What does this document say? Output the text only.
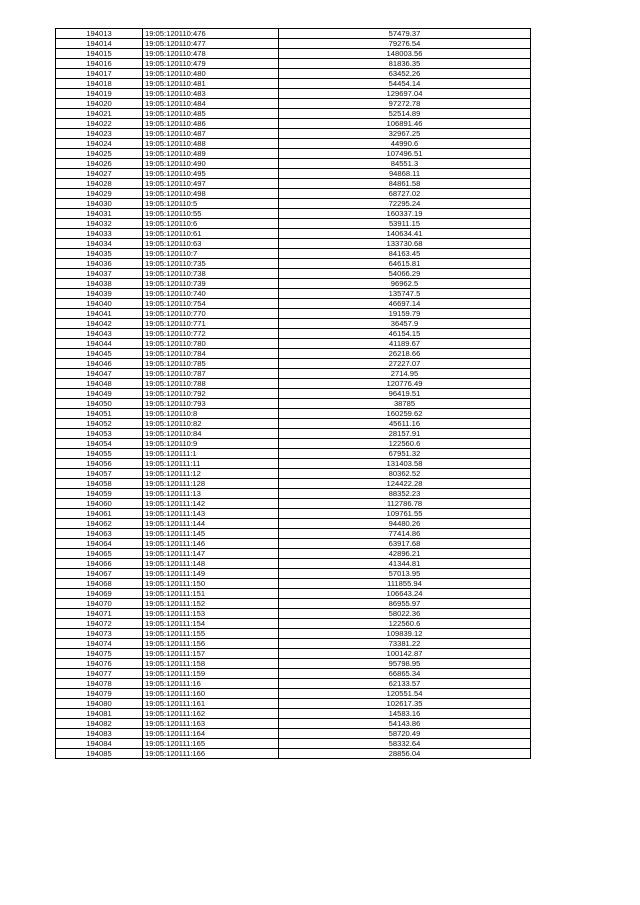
194013	19:05:120110:476	57479.37
194014	19:05:120110:477	79276.54
194015	19:05:120110:478	148003.56
194016	19:05:120110:479	81836.35
194017	19:05:120110:480	63452.26
194018	19:05:120110:481	54454.14
194019	19:05:120110:483	129697.04
194020	19:05:120110:484	97272.78
194021	19:05:120110:485	52514.89
194022	19:05:120110:486	106891.46
194023	19:05:120110:487	32967.25
194024	19:05:120110:488	44990.6
194025	19:05:120110:489	107496.51
194026	19:05:120110:490	84551.3
194027	19:05:120110:495	94868.11
194028	19:05:120110:497	84861.58
194029	19:05:120110:498	68727.02
194030	19:05:120110:5	72295.24
194031	19:05:120110:55	160337.19
194032	19:05:120110:6	53911.15
194033	19:05:120110:61	140634.41
194034	19:05:120110:63	133730.68
194035	19:05:120110:7	84163.45
194036	19:05:120110:735	64615.81
194037	19:05:120110:738	54066.29
194038	19:05:120110:739	96962.5
194039	19:05:120110:740	135747.5
194040	19:05:120110:754	46697.14
194041	19:05:120110:770	19159.79
194042	19:05:120110:771	36457.9
194043	19:05:120110:772	46154.15
194044	19:05:120110:780	41189.67
194045	19:05:120110:784	26218.66
194046	19:05:120110:785	27227.07
194047	19:05:120110:787	2714.95
194048	19:05:120110:788	120776.49
194049	19:05:120110:792	96419.51
194050	19:05:120110:793	38785
194051	19:05:120110:8	160259.62
194052	19:05:120110:82	45611.16
194053	19:05:120110:84	28157.91
194054	19:05:120110:9	122560.6
194055	19:05:120111:1	67951.32
194056	19:05:120111:11	131403.58
194057	19:05:120111:12	80362.52
194058	19:05:120111:128	124422.28
194059	19:05:120111:13	88352.23
194060	19:05:120111:142	112786.78
194061	19:05:120111:143	109761.55
194062	19:05:120111:144	94480.26
194063	19:05:120111:145	77414.86
194064	19:05:120111:146	63917.68
194065	19:05:120111:147	42896.21
194066	19:05:120111:148	41344.81
194067	19:05:120111:149	57013.95
194068	19:05:120111:150	111855.94
194069	19:05:120111:151	106643.24
194070	19:05:120111:152	86955.97
194071	19:05:120111:153	58022.36
194072	19:05:120111:154	122560.6
194073	19:05:120111:155	109839.12
194074	19:05:120111:156	73381.22
194075	19:05:120111:157	100142.87
194076	19:05:120111:158	95798.95
194077	19:05:120111:159	66865.34
194078	19:05:120111:16	62133.57
194079	19:05:120111:160	120551.54
194080	19:05:120111:161	102617.35
194081	19:05:120111:162	14583.16
194082	19:05:120111:163	54143.86
194083	19:05:120111:164	58720.49
194084	19:05:120111:165	58332.64
194085	19:05:120111:166	28856.04
